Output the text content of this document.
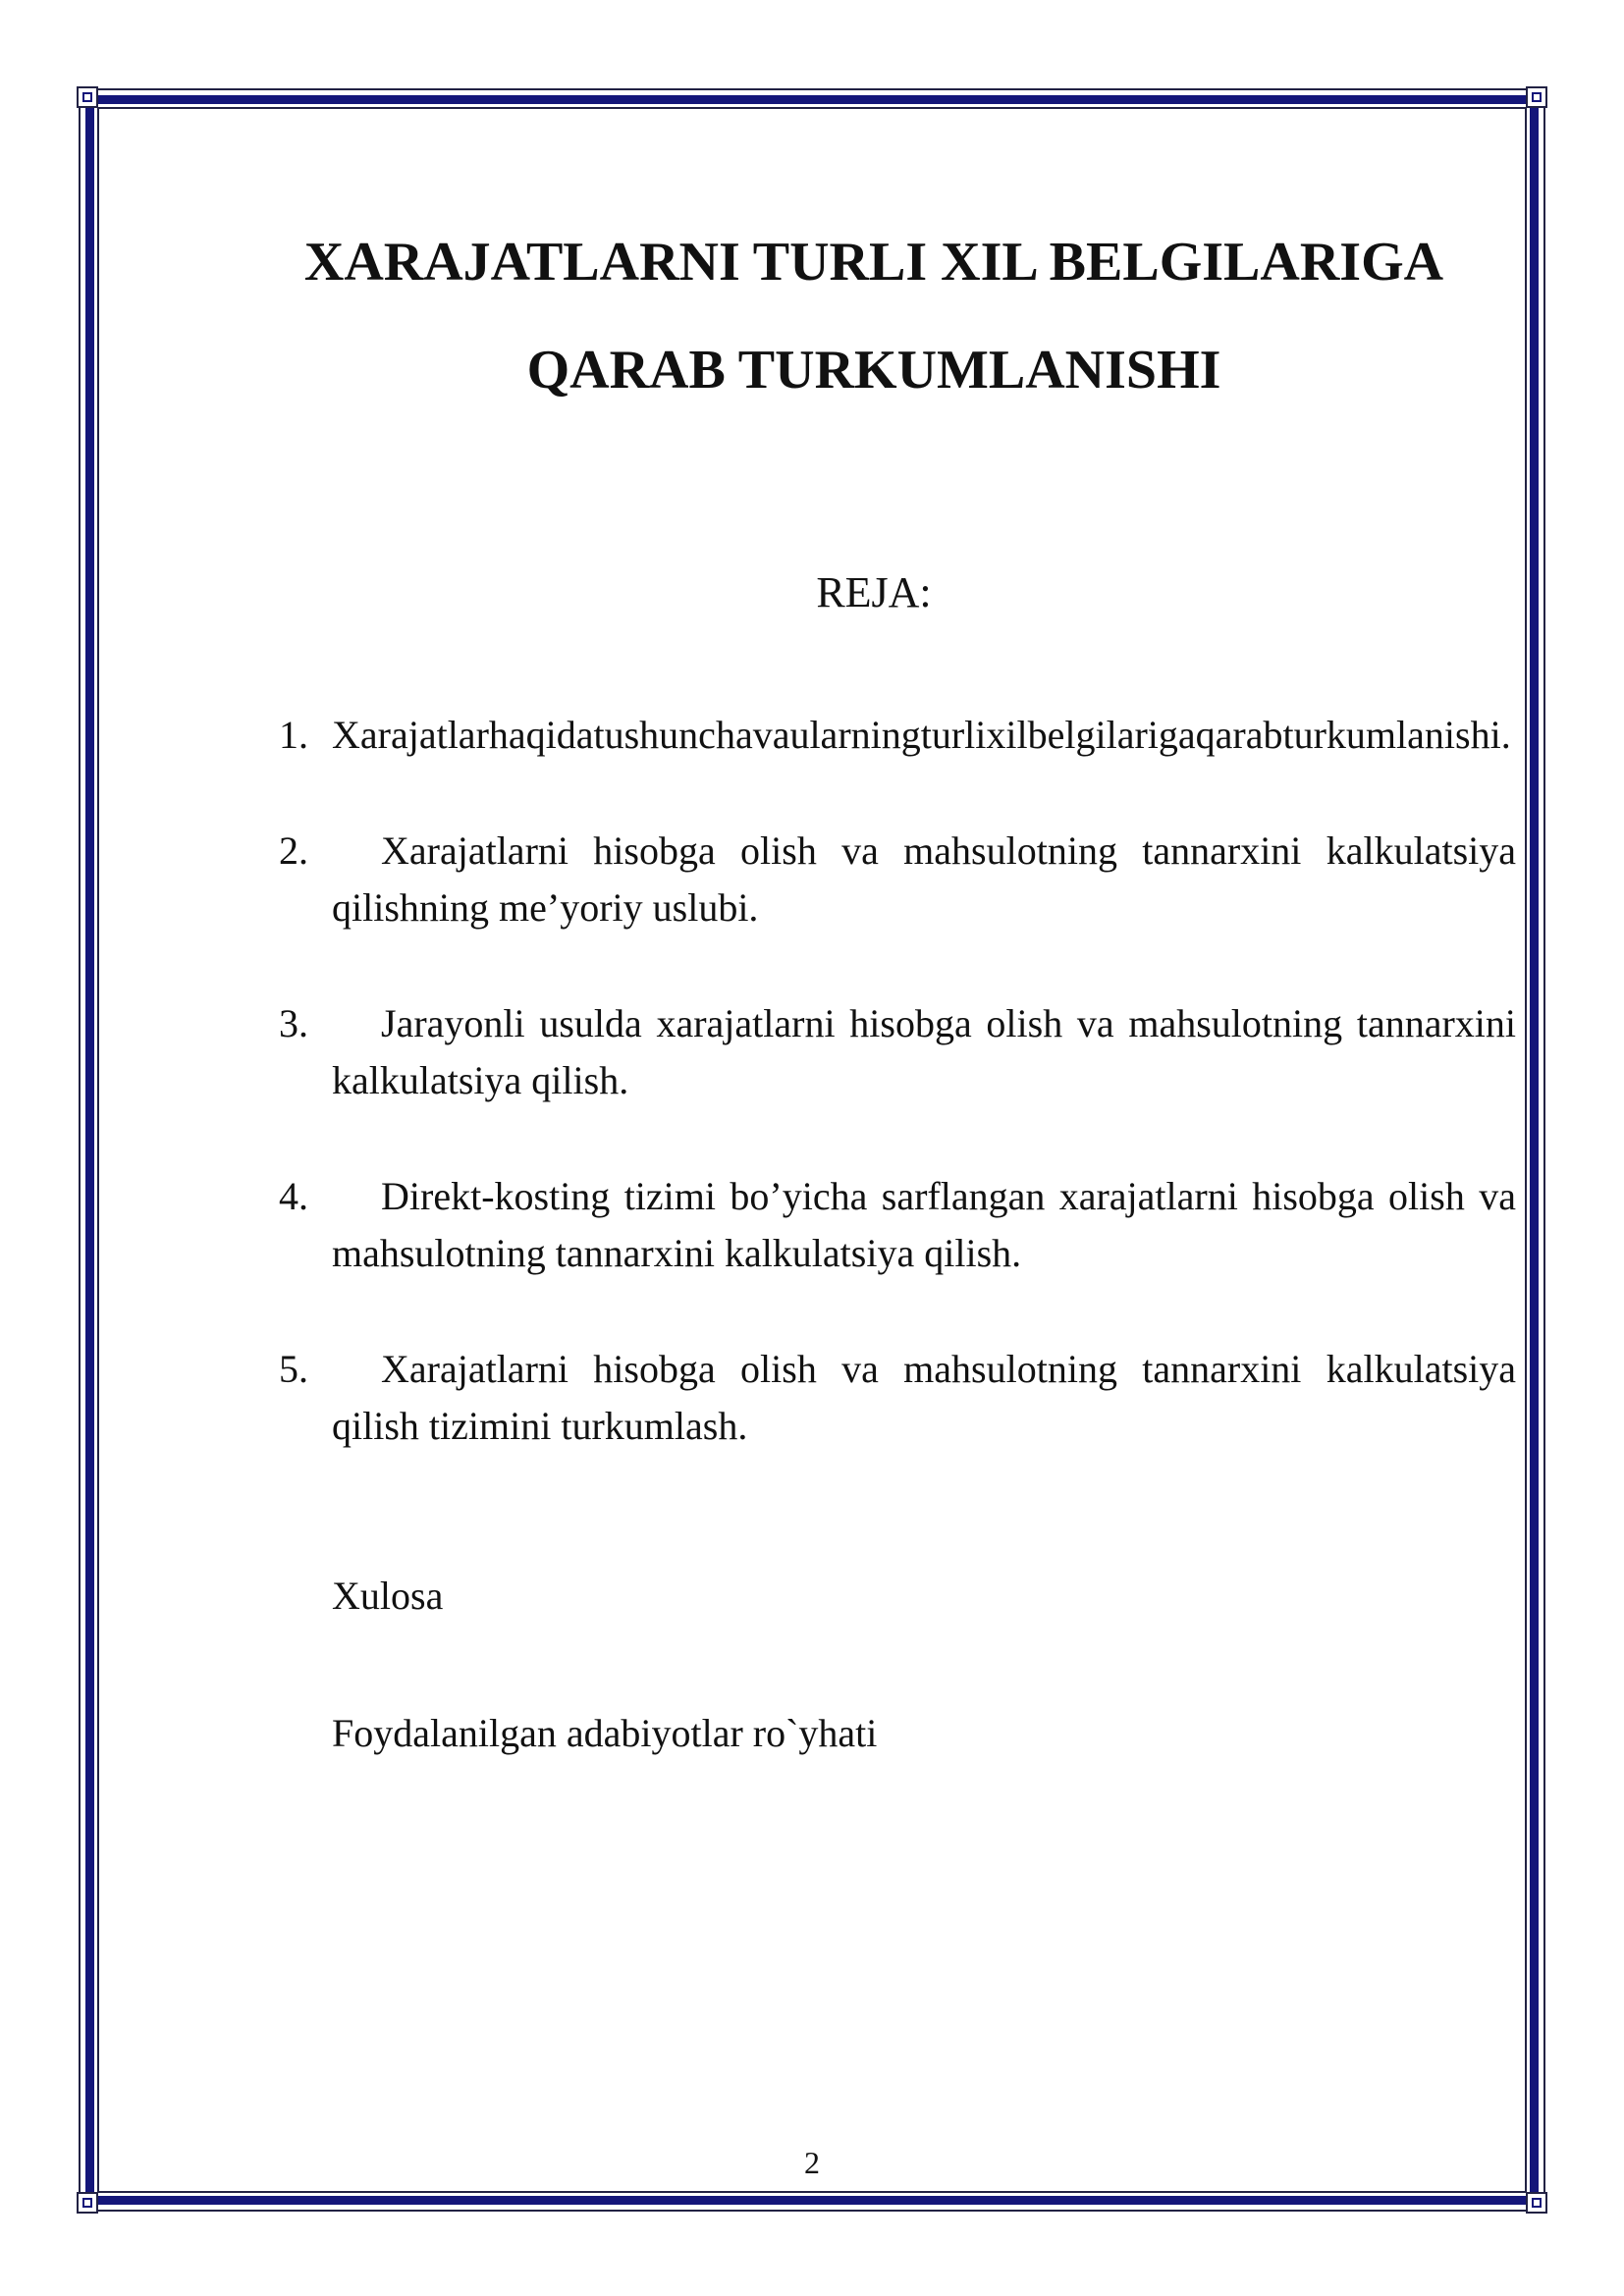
XARAJATLARNI TURLI XIL BELGILARIGA
QARAB TURKUMLANISHI
REJA:
1. Xarajatlarhaqidatushunchavaularningturlixilbelgilarigaqarabturkumlanishi.
2.	Xarajatlarni hisobga olish va mahsulotning tannarxini kalkulatsiya qilishning me’yoriy uslubi.
3.	Jarayonli usulda xarajatlarni hisobga olish va mahsulotning tannarxini kalkulatsiya qilish.
4.	Direkt-kosting tizimi bo’yicha sarflangan xarajatlarni hisobga olish va mahsulotning tannarxini kalkulatsiya qilish.
5.	Xarajatlarni hisobga olish va mahsulotning tannarxini kalkulatsiya qilish tizimini turkumlash.
Xulosa
Foydalanilgan adabiyotlar ro`yhati
2
